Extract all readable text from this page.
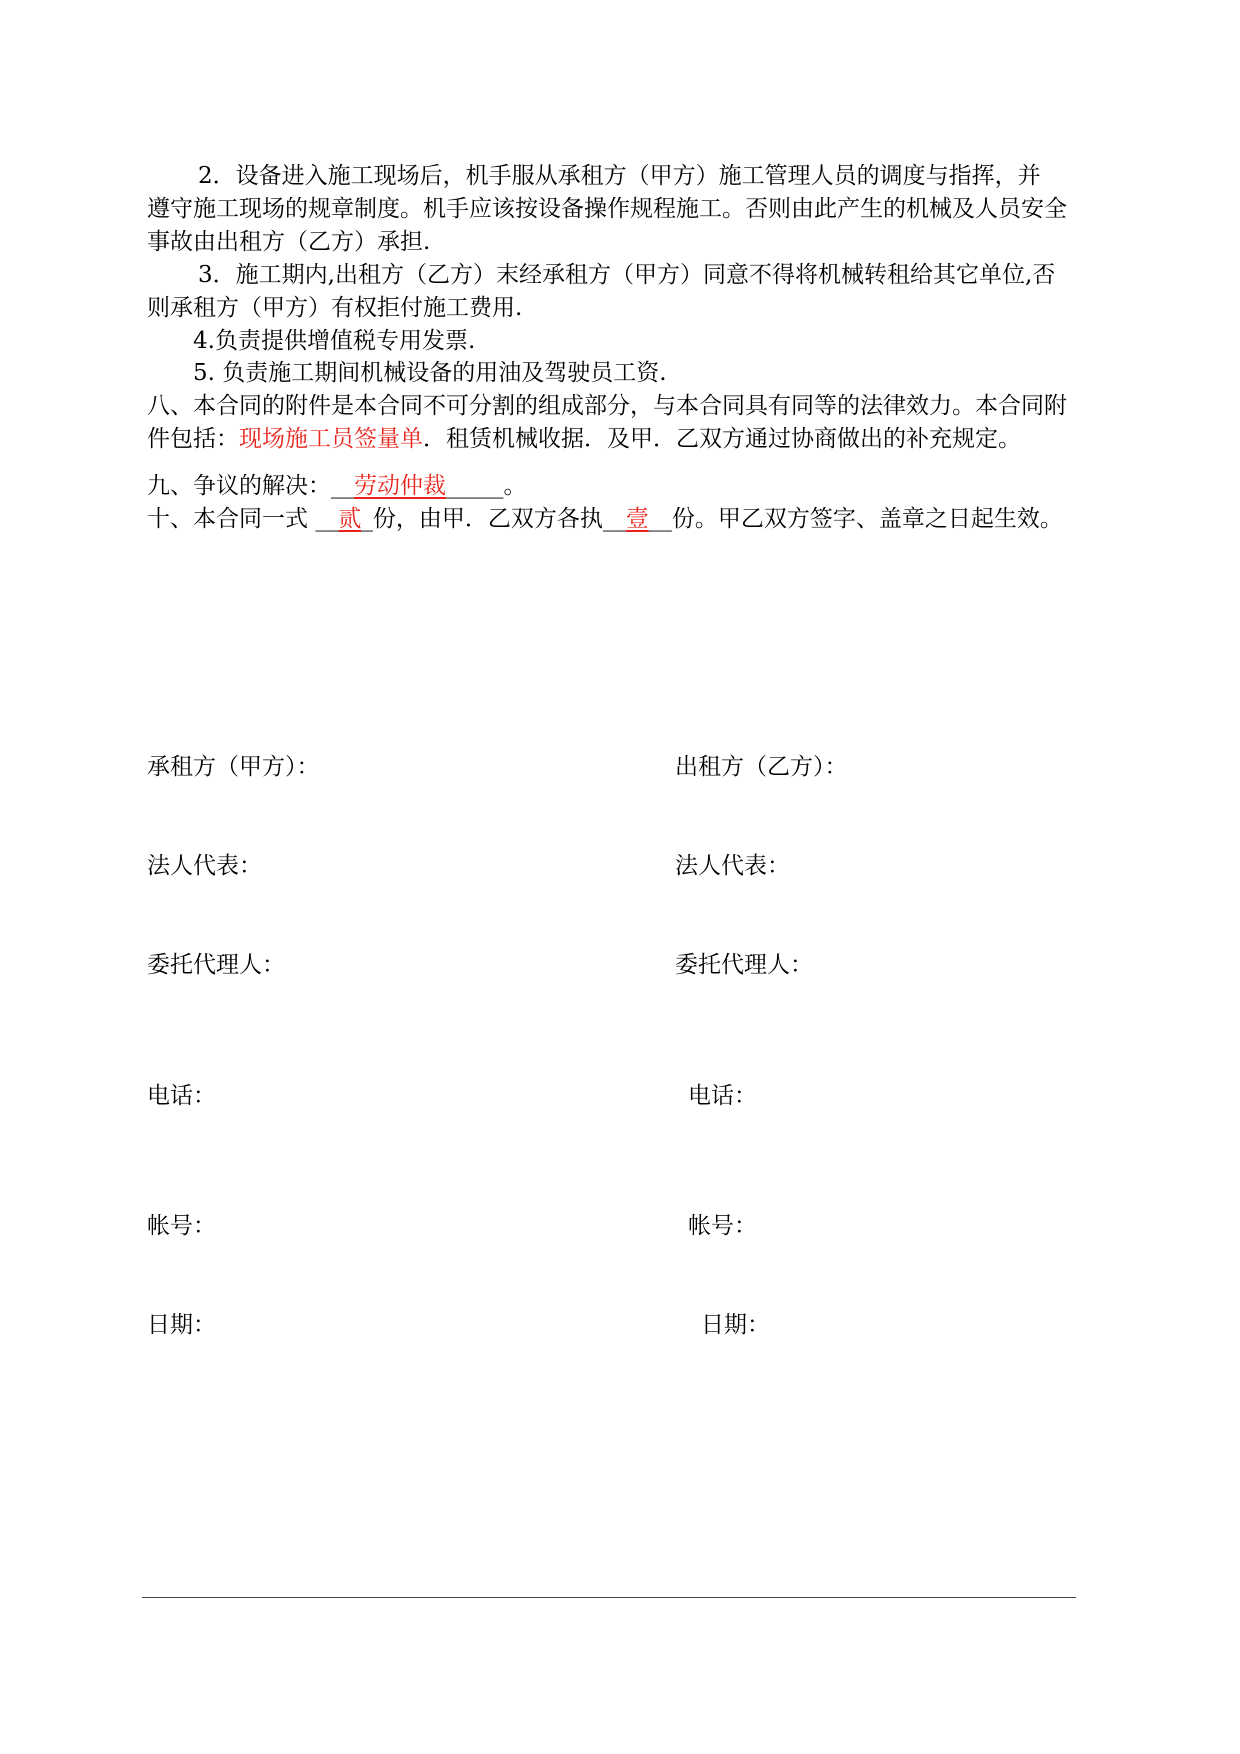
2．设备进入施工现场后，机手服从承租方（甲方）施工管理人员的调度与指挥，并
遵守施工现场的规章制度。机手应该按设备操作规程施工。否则由此产生的机械及人员安全
事故由出租方（乙方）承担.
3．施工期内,出租方（乙方）末经承租方（甲方）同意不得将机械转租给其它单位,否
则承租方（甲方）有权拒付施工费用.
4.负责提供增值税专用发票.
5. 负责施工期间机械设备的用油及驾驶员工资.
八、本合同的附件是本合同不可分割的组成部分，与本合同具有同等的法律效力。本合同附
件包括：现场施工员签量单．租赁机械收据．及甲．乙双方通过协商做出的补充规定。
九、争议的解决：__劳动仲裁_____。
十、本合同一式 __贰_份，由甲．乙双方各执__壹__份。甲乙双方签字、盖章之日起生效。
承租方（甲方）：	出租方（乙方）：
法人代表：	法人代表：
委托代理人：	委托代理人：
电话：	电话：
帐号：	帐号：
日期：	日期：
